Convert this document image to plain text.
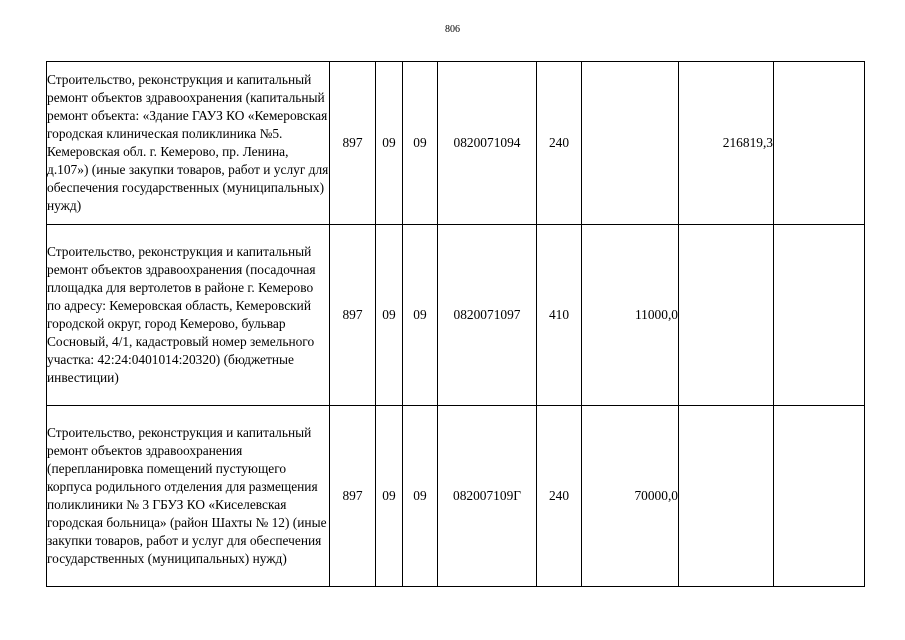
806
Строительство, реконструкция и капитальный ремонт объектов здравоохранения (капитальный ремонт объекта: «Здание ГАУЗ КО «Кемеровская городская клиническая поликлиника №5. Кемеровская обл. г. Кемерово, пр. Ленина, д.107») (иные закупки товаров, работ и услуг для обеспечения государственных (муниципальных) нужд)	897	09	09	0820071094	240		216819,3	
Строительство, реконструкция и капитальный ремонт объектов здравоохранения (посадочная площадка для вертолетов в районе г. Кемерово по адресу: Кемеровская область, Кемеровский городской округ, город Кемерово, бульвар Сосновый, 4/1, кадастровый номер земельного участка: 42:24:0401014:20320) (бюджетные инвестиции)	897	09	09	0820071097	410	11000,0		
Строительство, реконструкция и капитальный ремонт объектов здравоохранения (перепланировка помещений пустующего корпуса родильного отделения для размещения поликлиники № 3 ГБУЗ КО «Киселевская городская больница» (район Шахты № 12) (иные закупки товаров, работ и услуг для обеспечения государственных (муниципальных) нужд)	897	09	09	082007109Г	240	70000,0		
